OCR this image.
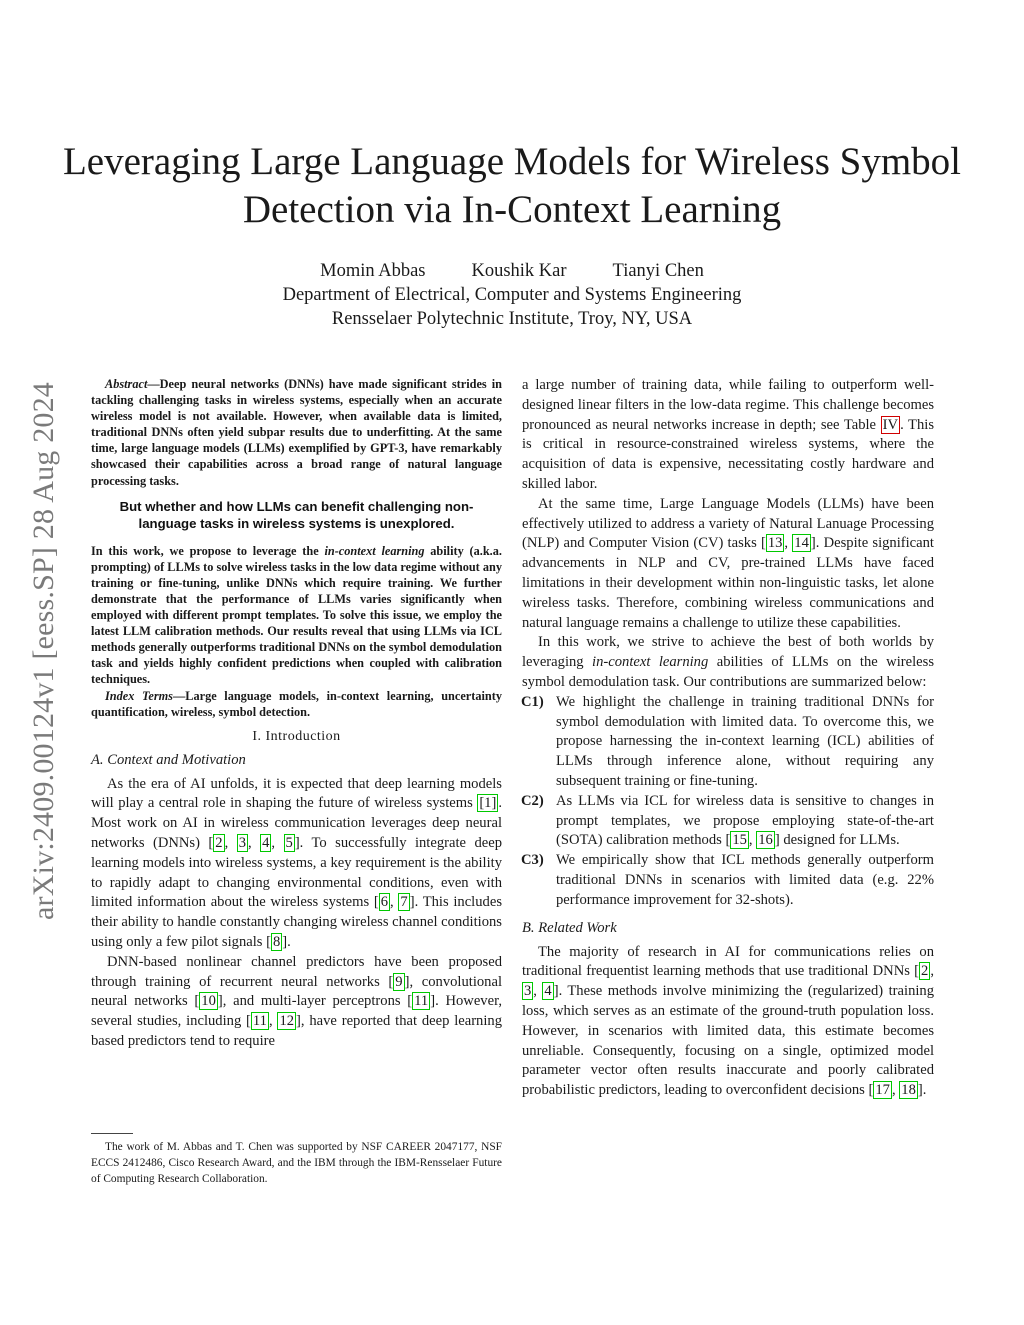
arXiv:2409.00124v1 [eess.SP] 28 Aug 2024
Leveraging Large Language Models for Wireless Symbol Detection via In-Context Learning
Momin Abbas Koushik Kar Tianyi Chen
Department of Electrical, Computer and Systems Engineering
Rensselaer Polytechnic Institute, Troy, NY, USA

Abstract—Deep neural networks (DNNs) have made significant strides in tackling challenging tasks in wireless systems, especially when an accurate wireless model is not available. However, when available data is limited, traditional DNNs often yield subpar results due to underfitting. At the same time, large language models (LLMs) exemplified by GPT-3, have remarkably showcased their capabilities across a broad range of natural language processing tasks.

But whether and how LLMs can benefit challenging non-language tasks in wireless systems is unexplored.

In this work, we propose to leverage the in-context learning ability (a.k.a. prompting) of LLMs to solve wireless tasks in the low data regime without any training or fine-tuning, unlike DNNs which require training. We further demonstrate that the performance of LLMs varies significantly when employed with different prompt templates. To solve this issue, we employ the latest LLM calibration methods. Our results reveal that using LLMs via ICL methods generally outperforms traditional DNNs on the symbol demodulation task and yields highly confident predictions when coupled with calibration techniques.

Index Terms—Large language models, in-context learning, uncertainty quantification, wireless, symbol detection.

I. Introduction
A. Context and Motivation

As the era of AI unfolds, it is expected that deep learning models will play a central role in shaping the future of wireless systems [1] . Most work on AI in wireless communication leverages deep neural networks (DNNs) [ 2 , 3 , 4 , 5 ]. To successfully integrate deep learning models into wireless systems, a key requirement is the ability to rapidly adapt to changing environmental conditions, even with limited information about the wireless systems [ 6 , 7 ]. This includes their ability to handle constantly changing wireless channel conditions using only a few pilot signals [ 8 ].

DNN-based nonlinear channel predictors have been proposed through training of recurrent neural networks [ 9 ], convolutional neural networks [ 10 ], and multi-layer perceptrons [ 11 ]. However, several studies, including [ 11 , 12 ], have reported that deep learning based predictors tend to require

The work of M. Abbas and T. Chen was supported by NSF CAREER 2047177, NSF ECCS 2412486, Cisco Research Award, and the IBM through the IBM-Rensselaer Future of Computing Research Collaboration.

a large number of training data, while failing to outperform well-designed linear filters in the low-data regime. This challenge becomes pronounced as neural networks increase in depth; see Table IV . This is critical in resource-constrained wireless systems, where the acquisition of data is expensive, necessitating costly hardware and skilled labor.

At the same time, Large Language Models (LLMs) have been effectively utilized to address a variety of Natural Lanuage Processing (NLP) and Computer Vision (CV) tasks [ 13 , 14 ]. Despite significant advancements in NLP and CV, pre-trained LLMs have faced limitations in their development within non-linguistic tasks, let alone wireless tasks. Therefore, combining wireless communications and natural language remains a challenge to utilize these capabilities.

In this work, we strive to achieve the best of both worlds by leveraging in-context learning abilities of LLMs on the wireless symbol demodulation task. Our contributions are summarized below:

C1) We highlight the challenge in training traditional DNNs for symbol demodulation with limited data. To overcome this, we propose harnessing the in-context learning (ICL) abilities of LLMs through inference alone, without requiring any subsequent training or fine-tuning.
C2) As LLMs via ICL for wireless data is sensitive to changes in prompt templates, we propose employing state-of-the-art (SOTA) calibration methods [ 15 , 16 ] designed for LLMs.
C3) We empirically show that ICL methods generally outperform traditional DNNs in scenarios with limited data (e.g. 22% performance improvement for 32-shots).
B. Related Work

The majority of research in AI for communications relies on traditional frequentist learning methods that use traditional DNNs [ 2 , 3 , 4 ]. These methods involve minimizing the (regularized) training loss, which serves as an estimate of the ground-truth population loss. However, in scenarios with limited data, this estimate becomes unreliable. Consequently, focusing on a single, optimized model parameter vector often results inaccurate and poorly calibrated probabilistic predictors, leading to overconfident decisions [ 17 , 18 ].
